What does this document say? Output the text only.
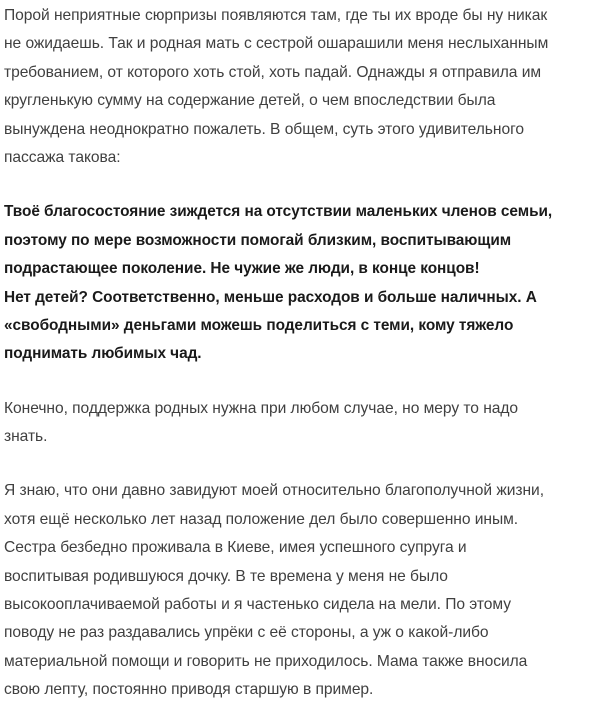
Порой неприятные сюрпризы появляются там, где ты их вроде бы ну никак
не ожидаешь. Так и родная мать с сестрой ошарашили меня неслыханным
требованием, от которого хоть стой, хоть падай. Однажды я отправила им
кругленькую сумму на содержание детей, о чем впоследствии была
вынуждена неоднократно пожалеть. В общем, суть этого удивительного
пассажа такова:

Твоё благосостояние зиждется на отсутствии маленьких членов семьи,
поэтому по мере возможности помогай близким, воспитывающим
подрастающее поколение. Не чужие же люди, в конце концов!
Нет детей? Соответственно, меньше расходов и больше наличных. А
«свободными» деньгами можешь поделиться с теми, кому тяжело
поднимать любимых чад.

Конечно, поддержка родных нужна при любом случае, но меру то надо
знать.

Я знаю, что они давно завидуют моей относительно благополучной жизни,
хотя ещё несколько лет назад положение дел было совершенно иным.
Сестра безбедно проживала в Киеве, имея успешного супруга и
воспитывая родившуюся дочку. В те времена у меня не было
высокооплачиваемой работы и я частенько сидела на мели. По этому
поводу не раз раздавались упрёки с её стороны, а уж о какой-либо
материальной помощи и говорить не приходилось. Мама также вносила
свою лепту, постоянно приводя старшую в пример.
